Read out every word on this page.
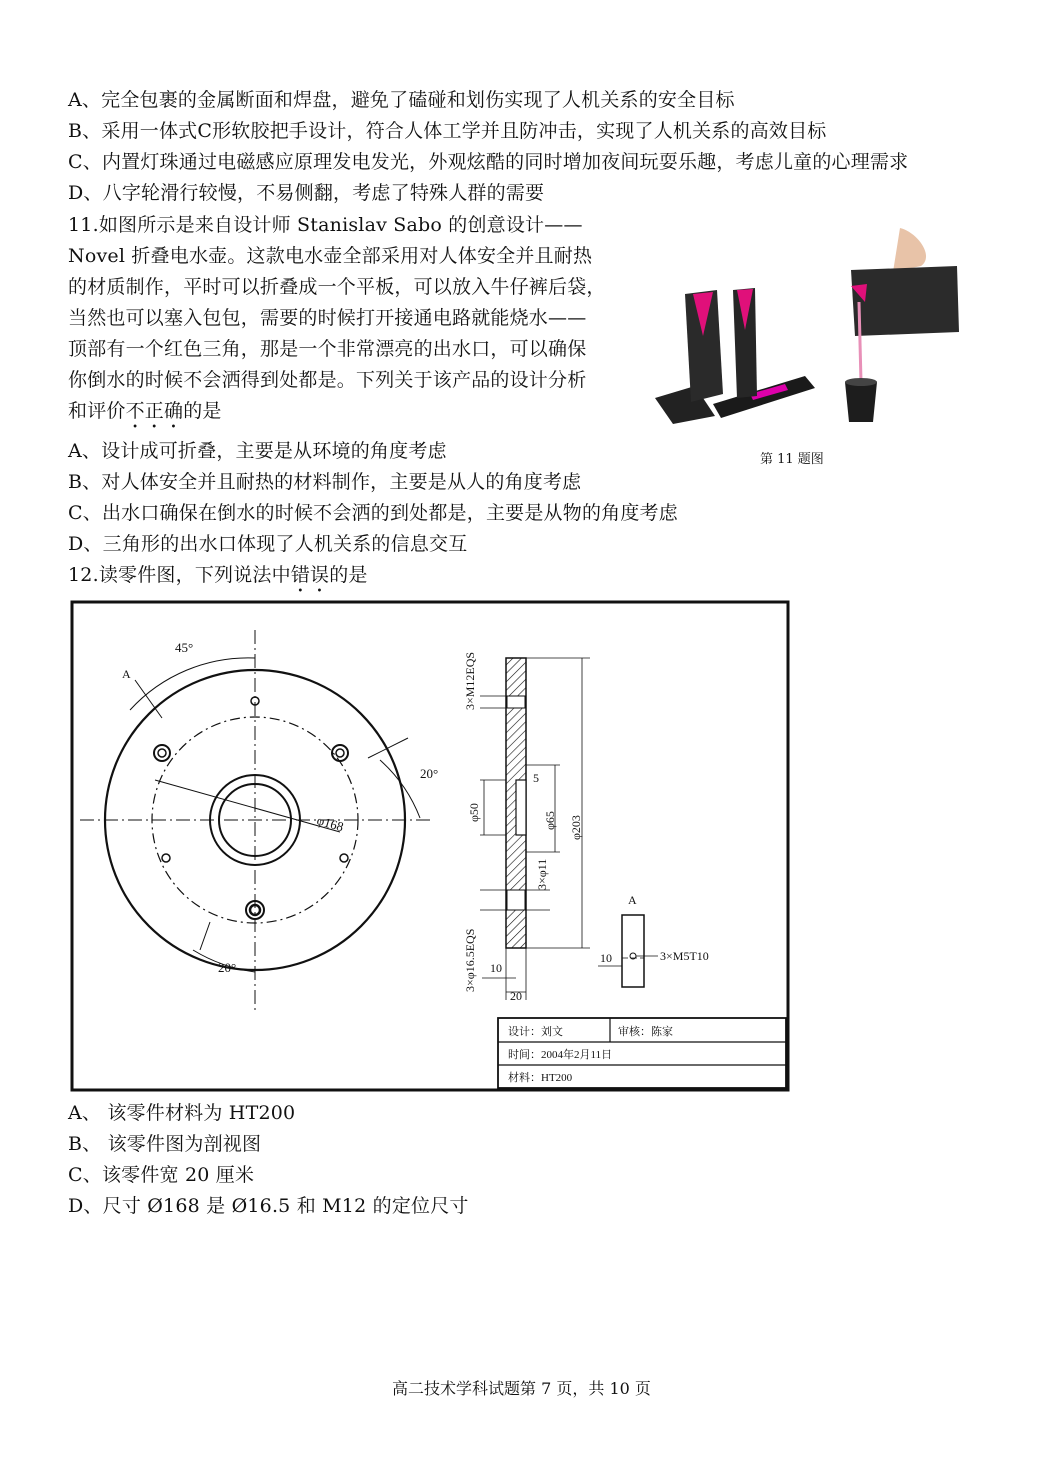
A、完全包裹的金属断面和焊盘，避免了磕碰和划伤实现了人机关系的安全目标
B、采用一体式C形软胶把手设计，符合人体工学并且防冲击，实现了人机关系的高效目标
C、内置灯珠通过电磁感应原理发电发光，外观炫酷的同时增加夜间玩耍乐趣，考虑儿童的心理需求
D、八字轮滑行较慢，不易侧翻，考虑了特殊人群的需要
11.如图所示是来自设计师 Stanislav Sabo 的创意设计——
Novel 折叠电水壶。这款电水壶全部采用对人体安全并且耐热
的材质制作，平时可以折叠成一个平板，可以放入牛仔裤后袋，
当然也可以塞入包包，需要的时候打开接通电路就能烧水——
顶部有一个红色三角，那是一个非常漂亮的出水口，可以确保
你倒水的时候不会洒得到处都是。下列关于该产品的设计分析
和评价不正确的是
第 11 题图
A、设计成可折叠，主要是从环境的角度考虑
B、对人体安全并且耐热的材料制作，主要是从人的角度考虑
C、出水口确保在倒水的时候不会洒的到处都是，主要是从物的角度考虑
D、三角形的出水口体现了人机关系的信息交互
12.读零件图，下列说法中错误的是
45°
A
20°
20°
φ168
3×M12EQS
3×φ16.5EQS
φ50	φ65 φ203
3×φ11
5
10
20
A
10	3×M5T10
设计：刘文	审核：陈家
时间：2004年2月11日
材料：HT200
A、 该零件材料为 HT200
B、 该零件图为剖视图
C、该零件宽 20 厘米
D、尺寸 Ø168 是 Ø16.5 和 M12 的定位尺寸
高二技术学科试题第 7 页，共 10 页
